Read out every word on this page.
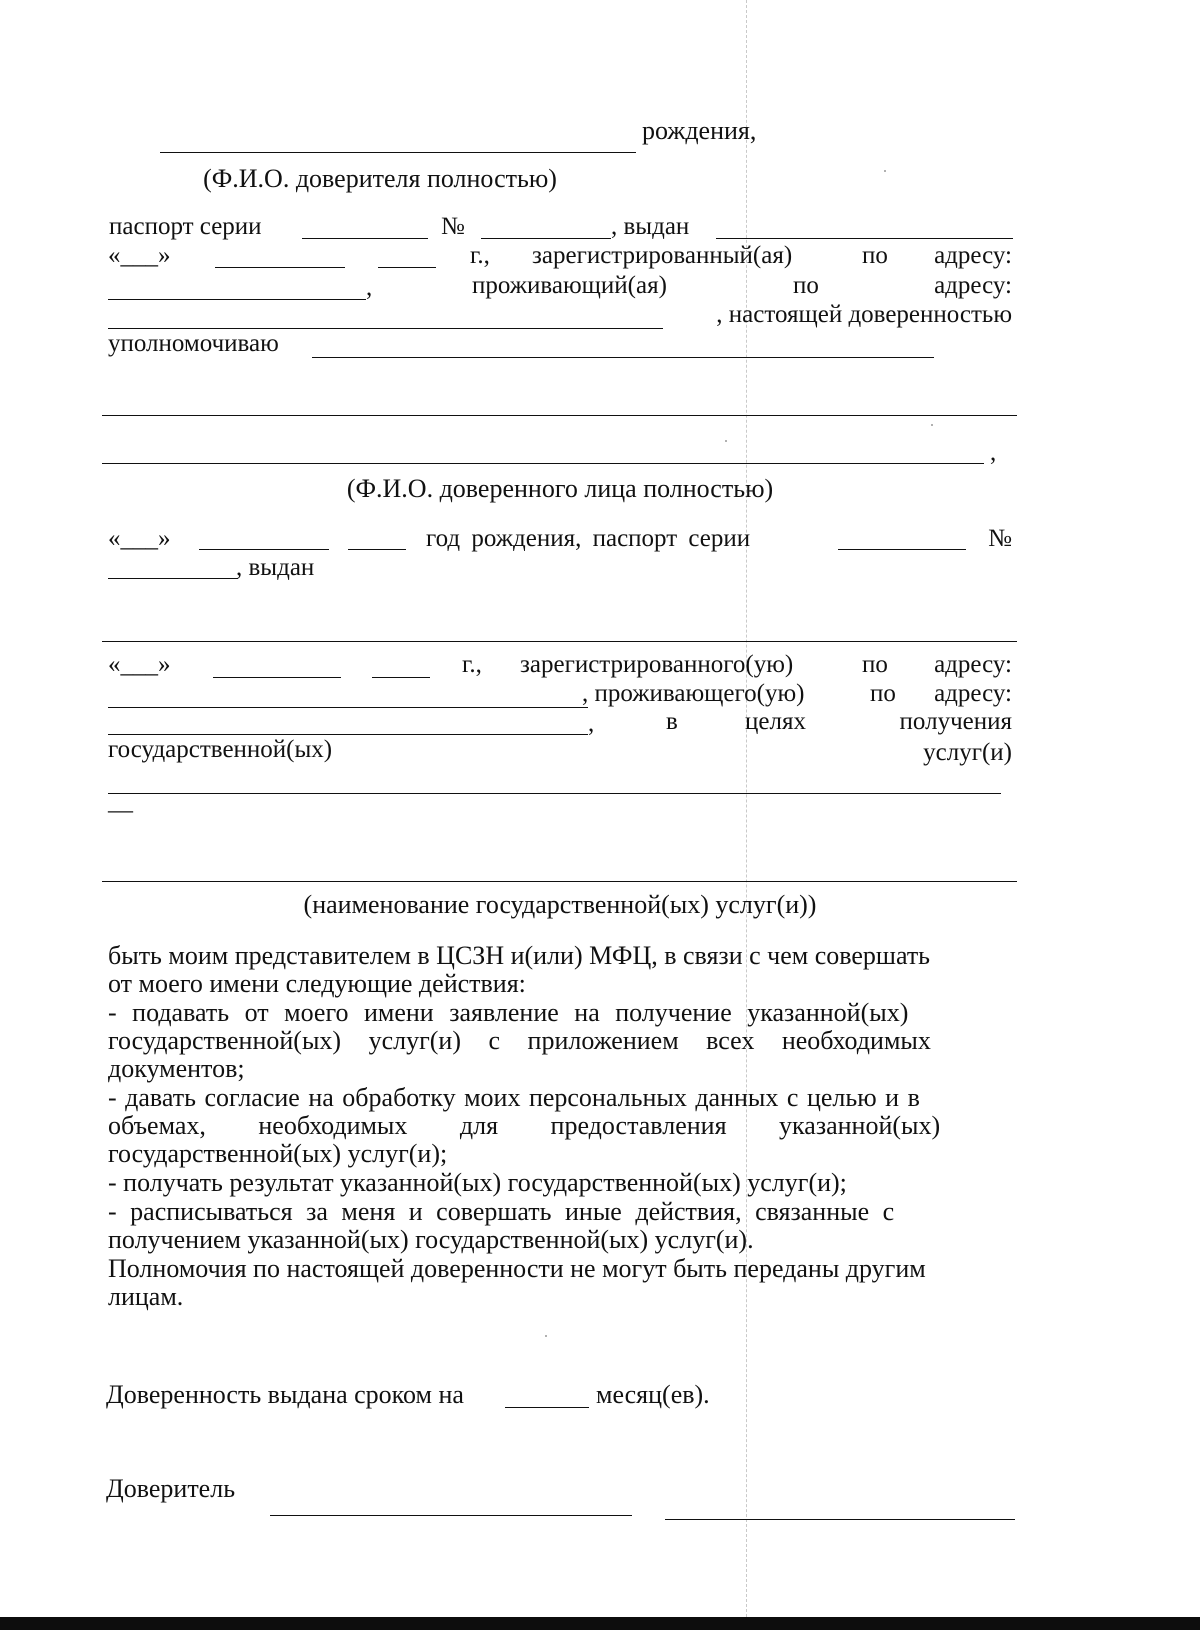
рождения,
(Ф.И.О. доверителя полностью)
паспорт серии	№	, выдан
«___»	г., зарегистрированный(ая)	по	адресу:
,	проживающий(ая)	по	адресу:
, настоящей доверенностью
уполномочиваю
,
(Ф.И.О. доверенного лица полностью)
«___»	год рождения, паспорт серии	№
, выдан
«___»	г., зарегистрированного(ую)	по	адресу:
, проживающего(ую)	по	адресу:
,	в	целях	получения
государственной(ых)	услуг(и)
—
(наименование государственной(ых) услуг(и))
быть моим представителем в ЦСЗН и(или) МФЦ, в связи с чем совершать
от моего имени следующие действия:
- подавать от моего имени заявление на получение указанной(ых)
государственной(ых) услуг(и) с приложением всех необходимых
документов;
- давать согласие на обработку моих персональных данных с целью и в
объемах, необходимых для предоставления указанной(ых)
государственной(ых) услуг(и);
- получать результат указанной(ых) государственной(ых) услуг(и);
- расписываться за меня и совершать иные действия, связанные с
получением указанной(ых) государственной(ых) услуг(и).
Полномочия по настоящей доверенности не могут быть переданы другим
лицам.
Доверенность выдана сроком на	месяц(ев).
Доверитель
